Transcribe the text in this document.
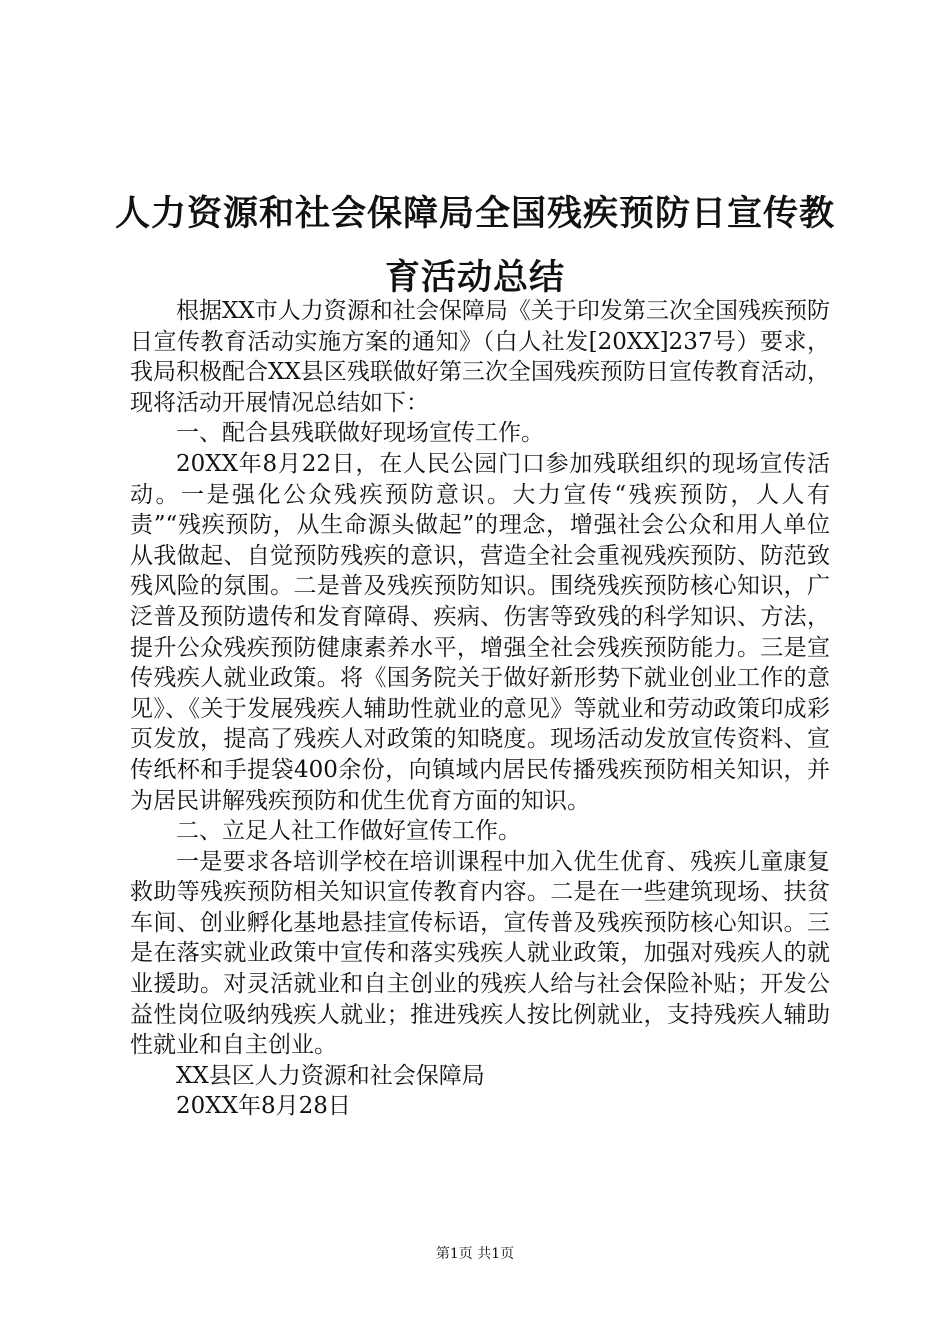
人力资源和社会保障局全国残疾预防日宣传教育活动总结

根据XX市人力资源和社会保障局《关于印发第三次全国残疾预防日宣传教育活动实施方案的通知》（白人社发[20XX]237号）要求，我局积极配合XX县区残联做好第三次全国残疾预防日宣传教育活动，现将活动开展情况总结如下：

一、配合县残联做好现场宣传工作。

20XX年8月22日，在人民公园门口参加残联组织的现场宣传活动。一是强化公众残疾预防意识。大力宣传“残疾预防，人人有责”“残疾预防，从生命源头做起”的理念，增强社会公众和用人单位从我做起、自觉预防残疾的意识，营造全社会重视残疾预防、防范致残风险的氛围。二是普及残疾预防知识。围绕残疾预防核心知识，广泛普及预防遗传和发育障碍、疾病、伤害等致残的科学知识、方法，提升公众残疾预防健康素养水平，增强全社会残疾预防能力。三是宣传残疾人就业政策。将《国务院关于做好新形势下就业创业工作的意见》、《关于发展残疾人辅助性就业的意见》等就业和劳动政策印成彩页发放，提高了残疾人对政策的知晓度。现场活动发放宣传资料、宣传纸杯和手提袋400余份，向镇域内居民传播残疾预防相关知识，并为居民讲解残疾预防和优生优育方面的知识。

二、立足人社工作做好宣传工作。

一是要求各培训学校在培训课程中加入优生优育、残疾儿童康复救助等残疾预防相关知识宣传教育内容。二是在一些建筑现场、扶贫车间、创业孵化基地悬挂宣传标语，宣传普及残疾预防核心知识。三是在落实就业政策中宣传和落实残疾人就业政策，加强对残疾人的就业援助。对灵活就业和自主创业的残疾人给与社会保险补贴；开发公益性岗位吸纳残疾人就业；推进残疾人按比例就业，支持残疾人辅助性就业和自主创业。

XX县区人力资源和社会保障局

20XX年8月28日

第1页 共1页
